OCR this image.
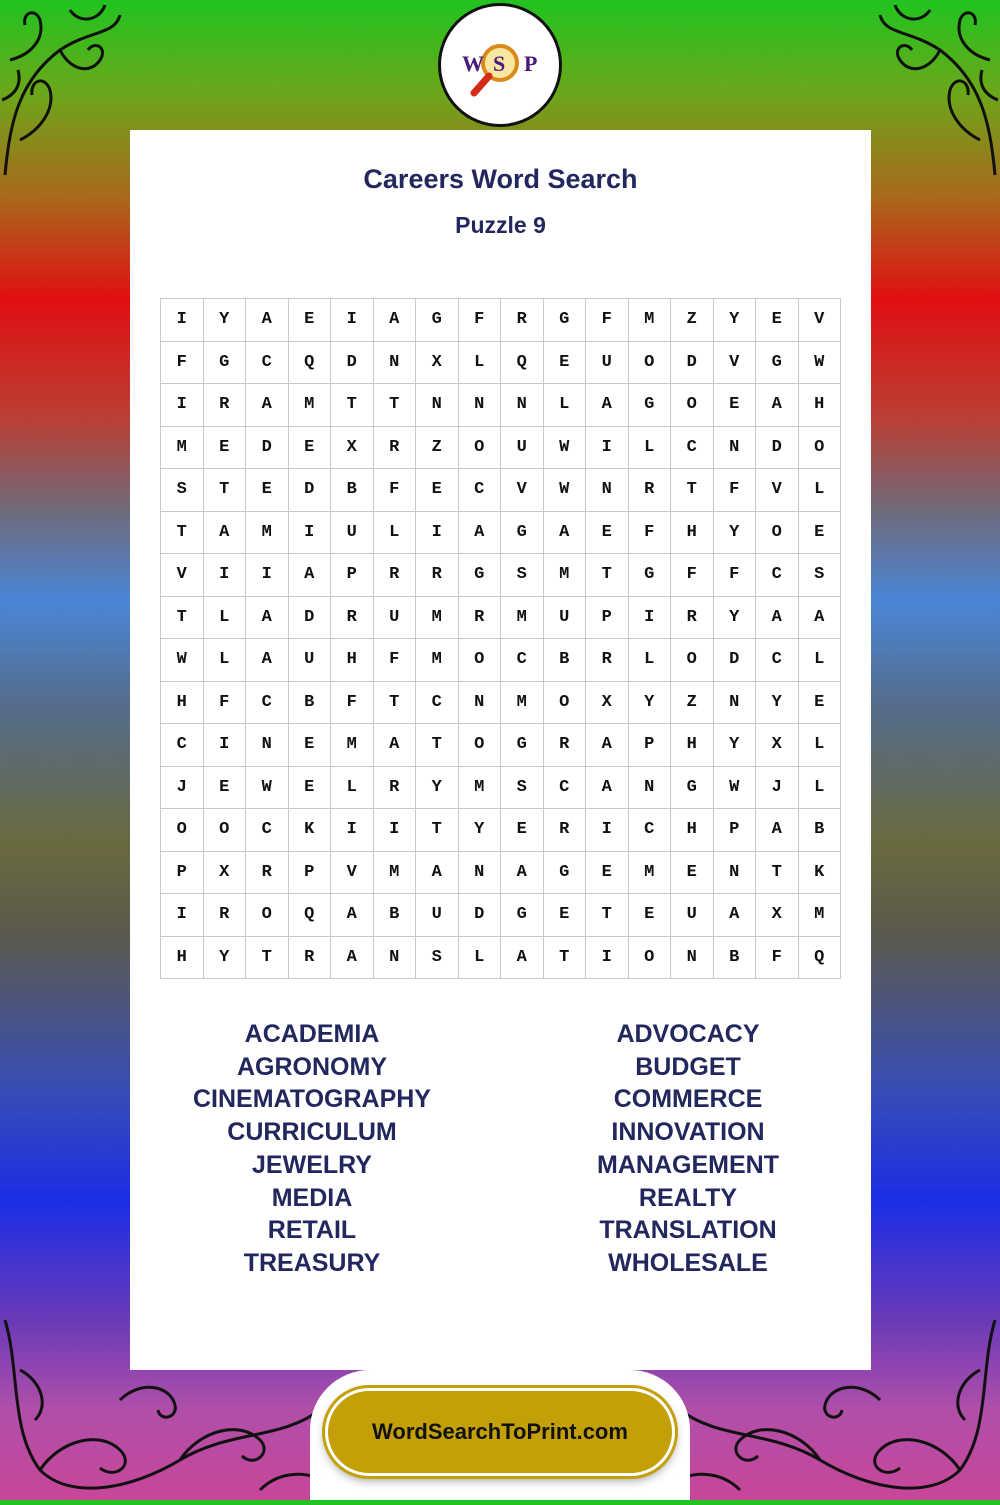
W S P
Careers Word Search
Puzzle 9
I	Y	A	E	I	A	G	F	R	G	F	M	Z	Y	E	V
F	G	C	Q	D	N	X	L	Q	E	U	O	D	V	G	W
I	R	A	M	T	T	N	N	N	L	A	G	O	E	A	H
M	E	D	E	X	R	Z	O	U	W	I	L	C	N	D	O
S	T	E	D	B	F	E	C	V	W	N	R	T	F	V	L
T	A	M	I	U	L	I	A	G	A	E	F	H	Y	O	E
V	I	I	A	P	R	R	G	S	M	T	G	F	F	C	S
T	L	A	D	R	U	M	R	M	U	P	I	R	Y	A	A
W	L	A	U	H	F	M	O	C	B	R	L	O	D	C	L
H	F	C	B	F	T	C	N	M	O	X	Y	Z	N	Y	E
C	I	N	E	M	A	T	O	G	R	A	P	H	Y	X	L
J	E	W	E	L	R	Y	M	S	C	A	N	G	W	J	L
O	O	C	K	I	I	T	Y	E	R	I	C	H	P	A	B
P	X	R	P	V	M	A	N	A	G	E	M	E	N	T	K
I	R	O	Q	A	B	U	D	G	E	T	E	U	A	X	M
H	Y	T	R	A	N	S	L	A	T	I	O	N	B	F	Q
ACADEMIA
AGRONOMY
CINEMATOGRAPHY
CURRICULUM
JEWELRY
MEDIA
RETAIL
TREASURY
ADVOCACY
BUDGET
COMMERCE
INNOVATION
MANAGEMENT
REALTY
TRANSLATION
WHOLESALE
WordSearchToPrint.com
